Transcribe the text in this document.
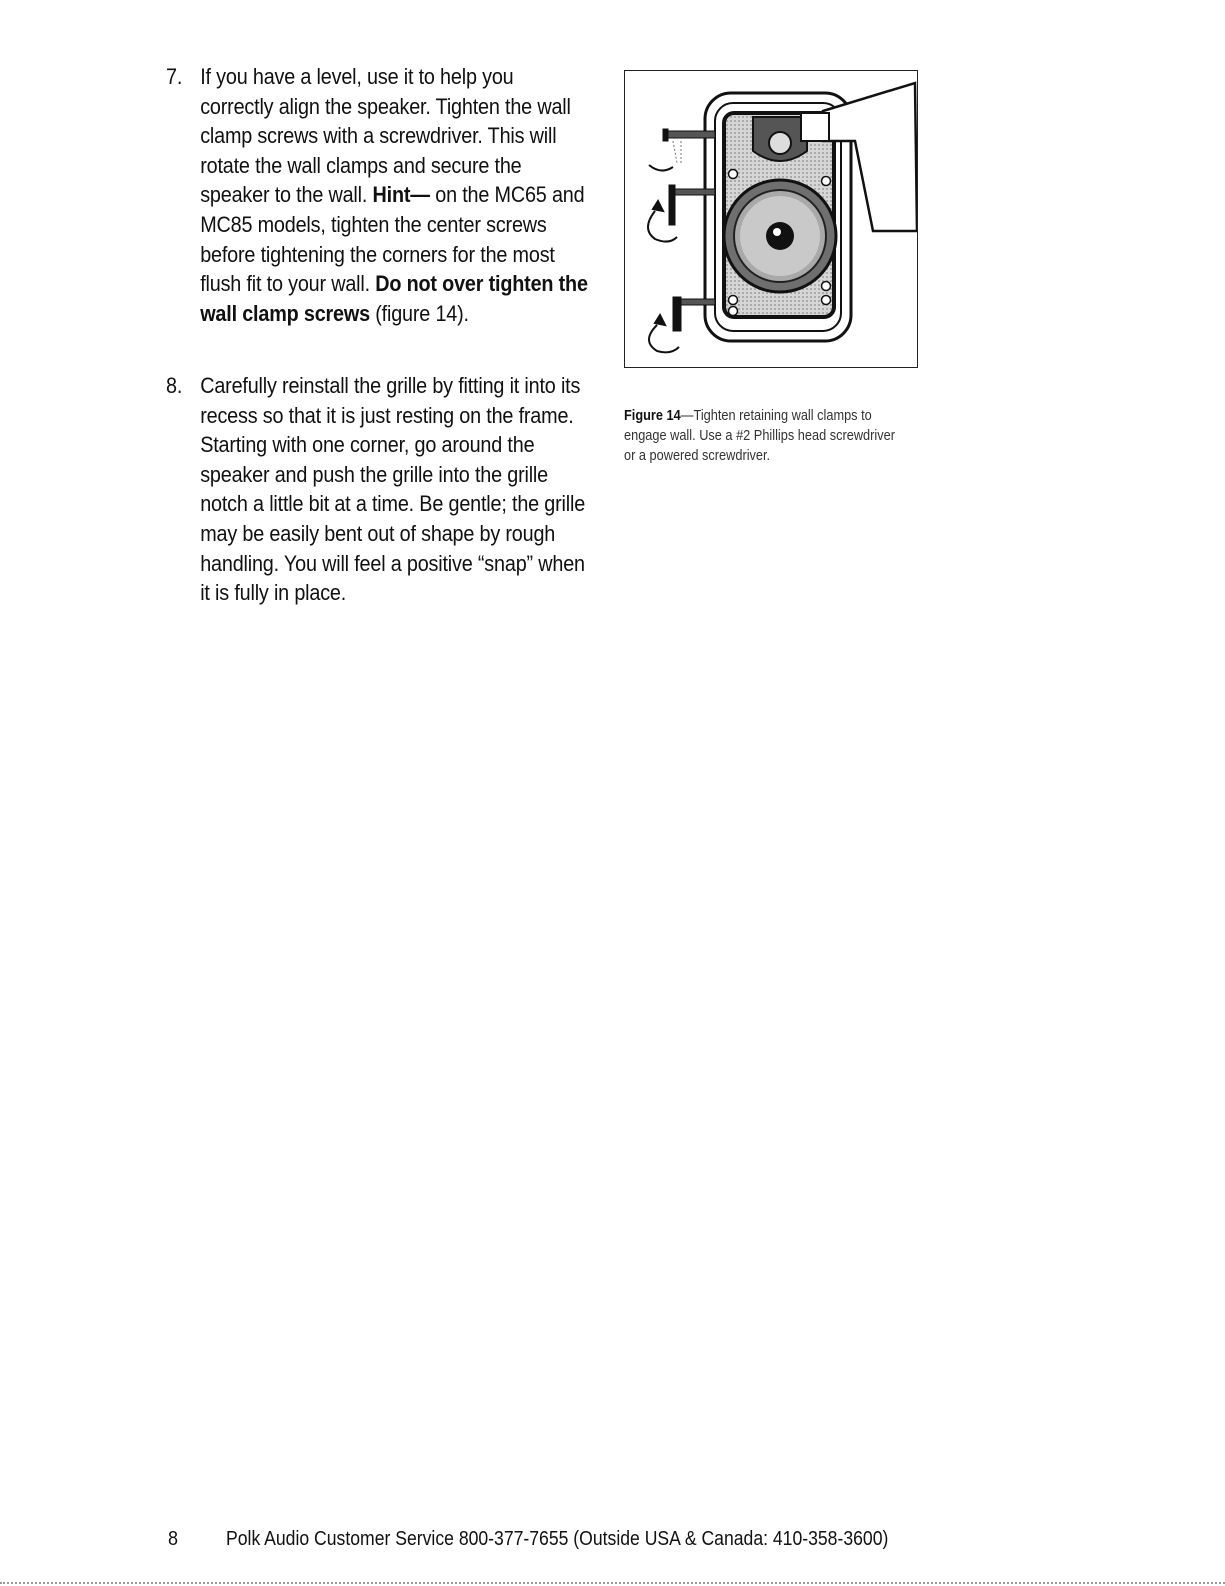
7. If you have a level, use it to help you correctly align the speaker. Tighten the wall clamp screws with a screwdriver. This will rotate the wall clamps and secure the speaker to the wall. Hint— on the MC65 and MC85 models, tighten the center screws before tightening the corners for the most flush fit to your wall. Do not over tighten the wall clamp screws (figure 14).
8. Carefully reinstall the grille by fitting it into its recess so that it is just resting on the frame. Starting with one corner, go around the speaker and push the grille into the grille notch a little bit at a time. Be gentle; the grille may be easily bent out of shape by rough handling. You will feel a positive “snap” when it is fully in place.
Figure 14—Tighten retaining wall clamps to engage wall. Use a #2 Phillips head screwdriver or a powered screwdriver.
8 Polk Audio Customer Service 800-377-7655 (Outside USA & Canada: 410-358-3600)
